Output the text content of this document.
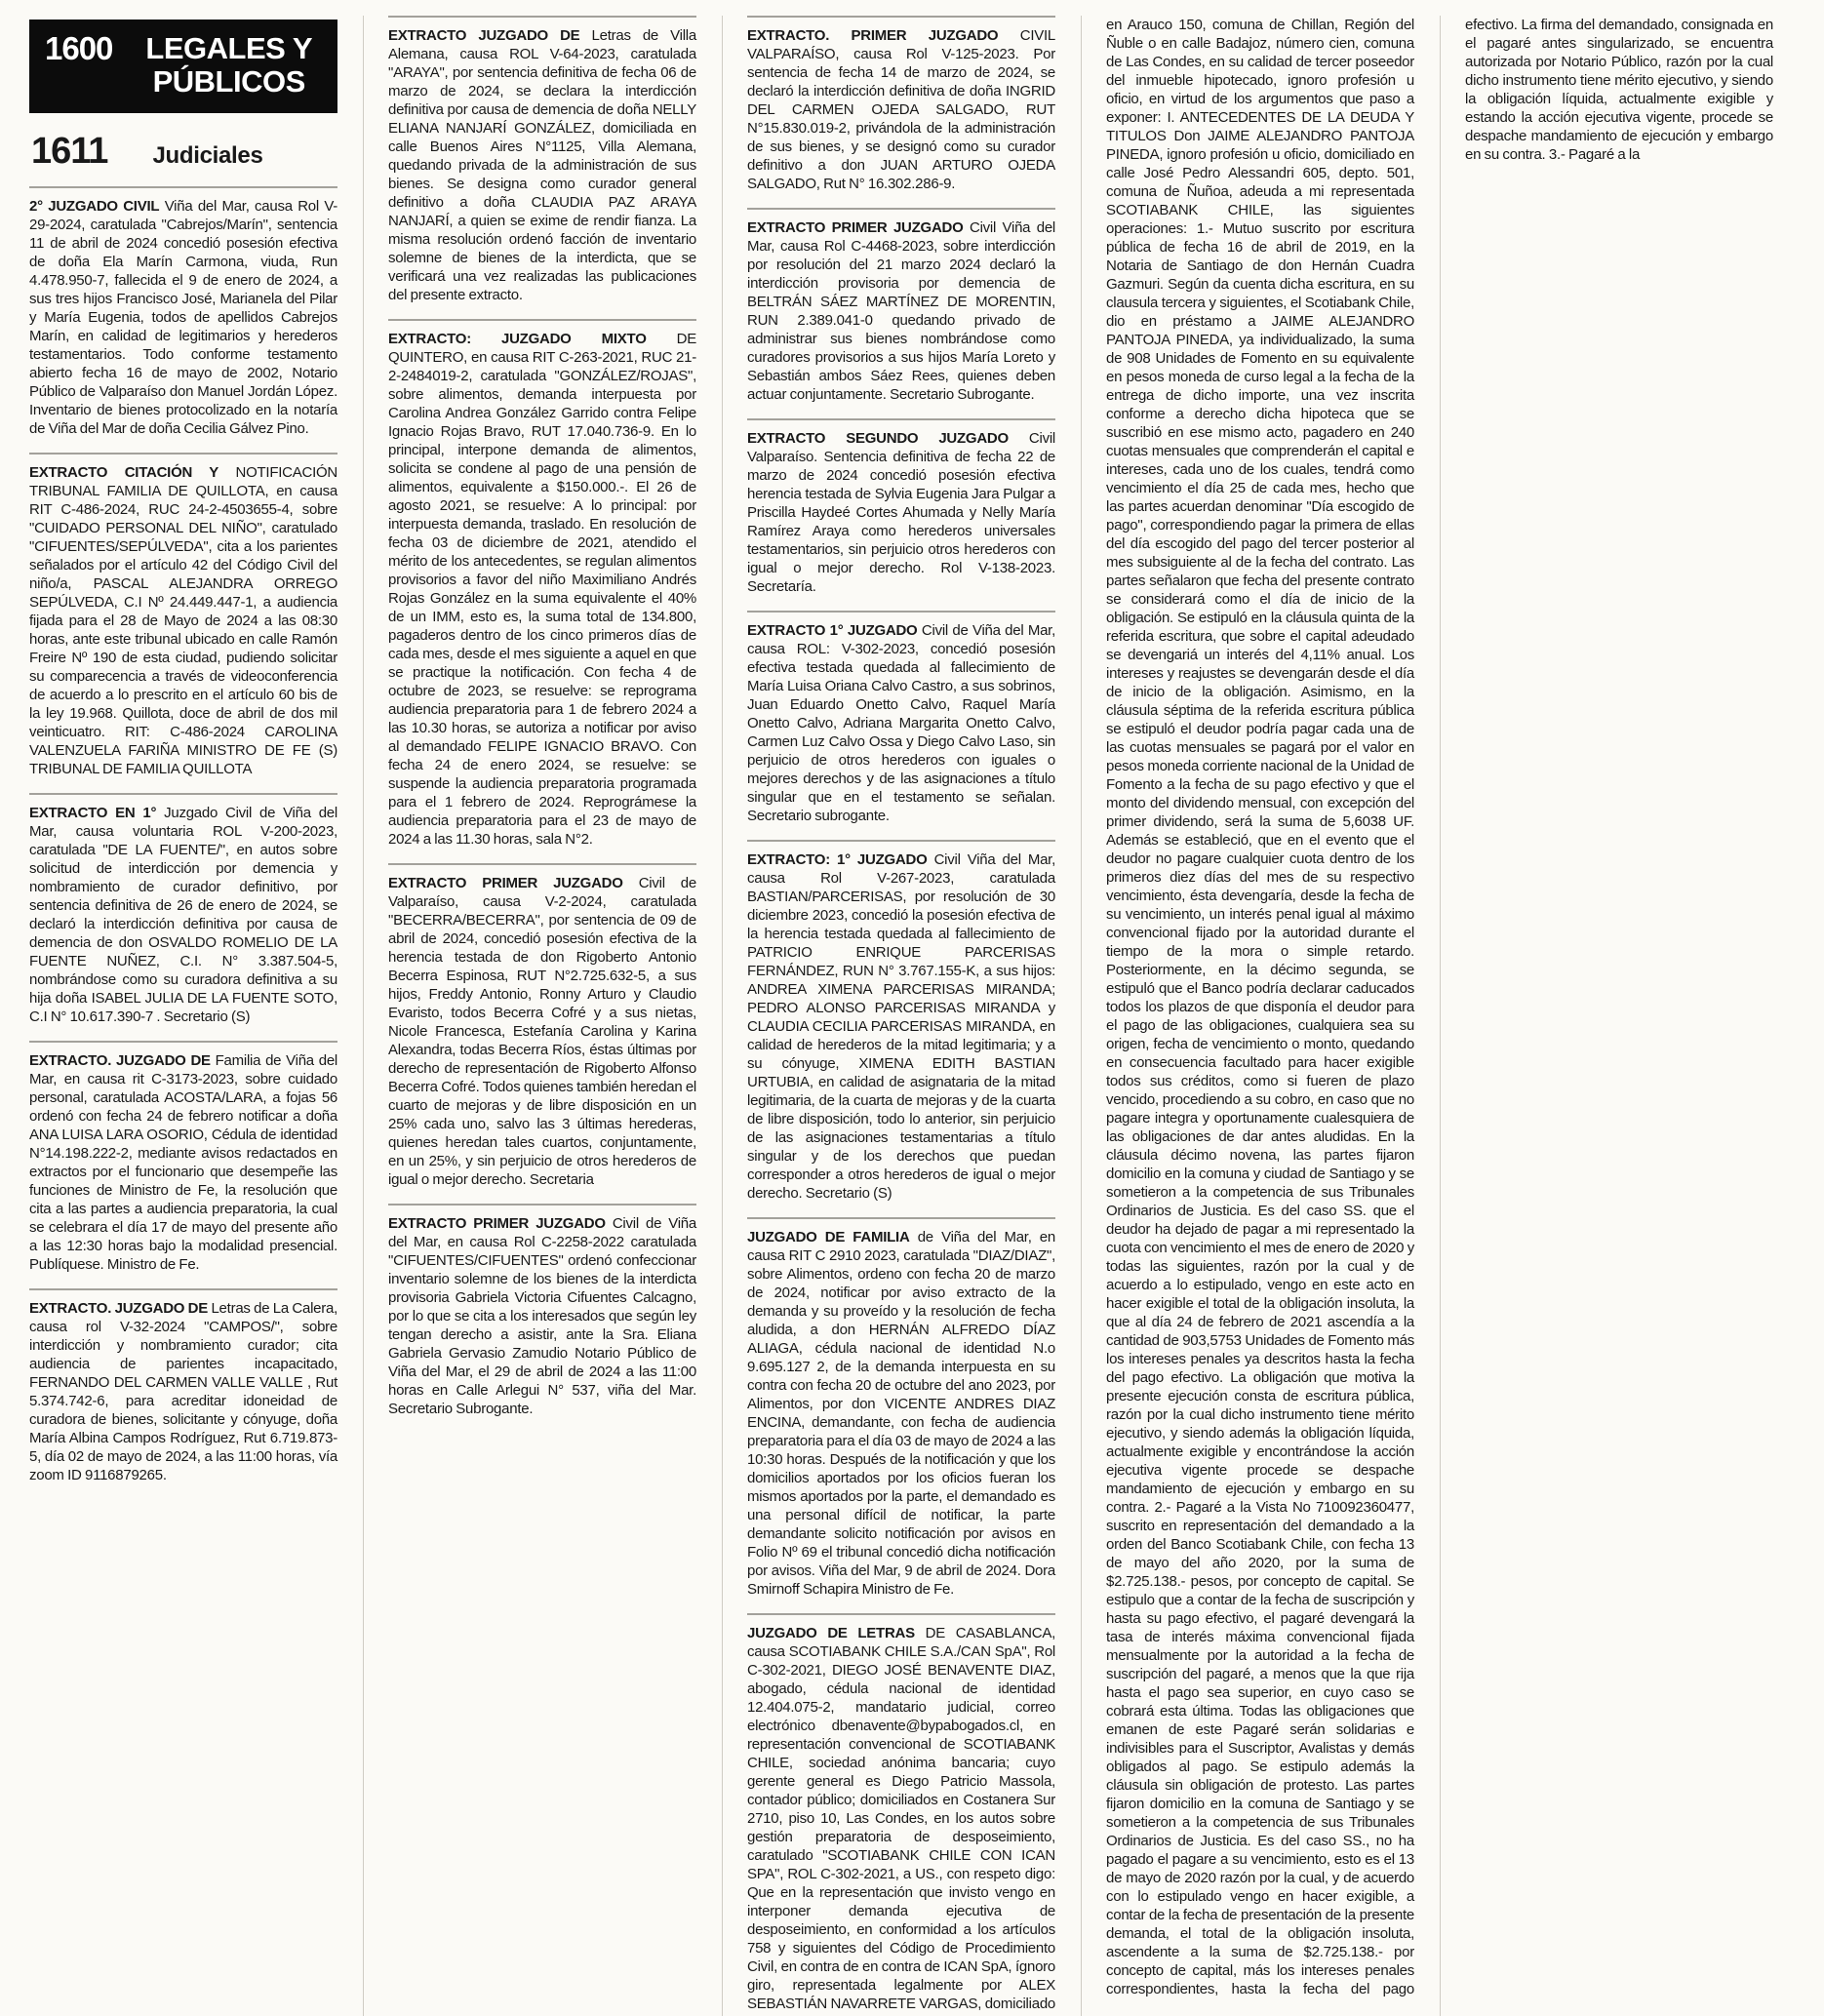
1600	LEGALES Y PÚBLICOS
1611 Judiciales
2° JUZGADO CIVIL Viña del Mar, causa Rol V-29-2024, caratulada "Cabrejos/Marín", sentencia 11 de abril de 2024 concedió posesión efectiva de doña Ela Marín Carmona, viuda, Run 4.478.950-7, fallecida el 9 de enero de 2024, a sus tres hijos Francisco José, Marianela del Pilar y María Eugenia, todos de apellidos Cabrejos Marín, en calidad de legitimarios y herederos testamentarios. Todo conforme testamento abierto fecha 16 de mayo de 2002, Notario Público de Valparaíso don Manuel Jordán López. Inventario de bienes protocolizado en la notaría de Viña del Mar de doña Cecilia Gálvez Pino.
EXTRACTO CITACIÓN Y NOTIFICACIÓN TRIBUNAL FAMILIA DE QUILLOTA, en causa RIT C-486-2024, RUC 24-2-4503655-4, sobre "CUIDADO PERSONAL DEL NIÑO", caratulado "CIFUENTES/SEPÚLVEDA", cita a los parientes señalados por el artículo 42 del Código Civil del niño/a, PASCAL ALEJANDRA ORREGO SEPÚLVEDA, C.I Nº 24.449.447-1, a audiencia fijada para el 28 de Mayo de 2024 a las 08:30 horas, ante este tribunal ubicado en calle Ramón Freire Nº 190 de esta ciudad, pudiendo solicitar su comparecencia a través de videoconferencia de acuerdo a lo prescrito en el artículo 60 bis de la ley 19.968. Quillota, doce de abril de dos mil veinticuatro. RIT: C-486-2024 CAROLINA VALENZUELA FARIÑA MINISTRO DE FE (S) TRIBUNAL DE FAMILIA QUILLOTA
EXTRACTO EN 1° Juzgado Civil de Viña del Mar, causa voluntaria ROL V-200-2023, caratulada "DE LA FUENTE/", en autos sobre solicitud de interdicción por demencia y nombramiento de curador definitivo, por sentencia definitiva de 26 de enero de 2024, se declaró la interdicción definitiva por causa de demencia de don OSVALDO ROMELIO DE LA FUENTE NUÑEZ, C.I. N° 3.387.504-5, nombrándose como su curadora definitiva a su hija doña ISABEL JULIA DE LA FUENTE SOTO, C.I N° 10.617.390-7 . Secretario (S)
EXTRACTO. JUZGADO DE Familia de Viña del Mar, en causa rit C-3173-2023, sobre cuidado personal, caratulada ACOSTA/LARA, a fojas 56 ordenó con fecha 24 de febrero notificar a doña ANA LUISA LARA OSORIO, Cédula de identidad N°14.198.222-2, mediante avisos redactados en extractos por el funcionario que desempeñe las funciones de Ministro de Fe, la resolución que cita a las partes a audiencia preparatoria, la cual se celebrara el día 17 de mayo del presente año a las 12:30 horas bajo la modalidad presencial. Publíquese. Ministro de Fe.
EXTRACTO. JUZGADO DE Letras de La Calera, causa rol V-32-2024 "CAMPOS/", sobre interdicción y nombramiento curador; cita audiencia de parientes incapacitado, FERNANDO DEL CARMEN VALLE VALLE , Rut 5.374.742-6, para acreditar idoneidad de curadora de bienes, solicitante y cónyuge, doña María Albina Campos Rodríguez, Rut 6.719.873-5, día 02 de mayo de 2024, a las 11:00 horas, vía zoom ID 9116879265.
EXTRACTO JUZGADO DE Letras de Villa Alemana, causa ROL V-64-2023, caratulada "ARAYA", por sentencia definitiva de fecha 06 de marzo de 2024, se declara la interdicción definitiva por causa de demencia de doña NELLY ELIANA NANJARÍ GONZÁLEZ, domiciliada en calle Buenos Aires N°1125, Villa Alemana, quedando privada de la administración de sus bienes. Se designa como curador general definitivo a doña CLAUDIA PAZ ARAYA NANJARÍ, a quien se exime de rendir fianza. La misma resolución ordenó facción de inventario solemne de bienes de la interdicta, que se verificará una vez realizadas las publicaciones del presente extracto.
EXTRACTO: JUZGADO MIXTO DE QUINTERO, en causa RIT C-263-2021, RUC 21-2-2484019-2, caratulada "GONZÁLEZ/ROJAS", sobre alimentos, demanda interpuesta por Carolina Andrea González Garrido contra Felipe Ignacio Rojas Bravo, RUT 17.040.736-9. En lo principal, interpone demanda de alimentos, solicita se condene al pago de una pensión de alimentos, equivalente a $150.000.-. El 26 de agosto 2021, se resuelve: A lo principal: por interpuesta demanda, traslado. En resolución de fecha 03 de diciembre de 2021, atendido el mérito de los antecedentes, se regulan alimentos provisorios a favor del niño Maximiliano Andrés Rojas González en la suma equivalente el 40% de un IMM, esto es, la suma total de 134.800, pagaderos dentro de los cinco primeros días de cada mes, desde el mes siguiente a aquel en que se practique la notificación. Con fecha 4 de octubre de 2023, se resuelve: se reprograma audiencia preparatoria para 1 de febrero 2024 a las 10.30 horas, se autoriza a notificar por aviso al demandado FELIPE IGNACIO BRAVO. Con fecha 24 de enero 2024, se resuelve: se suspende la audiencia preparatoria programada para el 1 febrero de 2024. Reprográmese la audiencia preparatoria para el 23 de mayo de 2024 a las 11.30 horas, sala N°2.
EXTRACTO PRIMER JUZGADO Civil de Valparaíso, causa V-2-2024, caratulada "BECERRA/BECERRA", por sentencia de 09 de abril de 2024, concedió posesión efectiva de la herencia testada de don Rigoberto Antonio Becerra Espinosa, RUT N°2.725.632-5, a sus hijos, Freddy Antonio, Ronny Arturo y Claudio Evaristo, todos Becerra Cofré y a sus nietas, Nicole Francesca, Estefanía Carolina y Karina Alexandra, todas Becerra Ríos, éstas últimas por derecho de representación de Rigoberto Alfonso Becerra Cofré. Todos quienes también heredan el cuarto de mejoras y de libre disposición en un 25% cada uno, salvo las 3 últimas herederas, quienes heredan tales cuartos, conjuntamente, en un 25%, y sin perjuicio de otros herederos de igual o mejor derecho. Secretaria
EXTRACTO PRIMER JUZGADO Civil de Viña del Mar, en causa Rol C-2258-2022 caratulada "CIFUENTES/CIFUENTES" ordenó confeccionar inventario solemne de los bienes de la interdicta provisoria Gabriela Victoria Cifuentes Calcagno, por lo que se cita a los interesados que según ley tengan derecho a asistir, ante la Sra. Eliana Gabriela Gervasio Zamudio Notario Público de Viña del Mar, el 29 de abril de 2024 a las 11:00 horas en Calle Arlegui N° 537, viña del Mar. Secretario Subrogante.
EXTRACTO. PRIMER JUZGADO CIVIL VALPARAÍSO, causa Rol V-125-2023. Por sentencia de fecha 14 de marzo de 2024, se declaró la interdicción definitiva de doña INGRID DEL CARMEN OJEDA SALGADO, RUT N°15.830.019-2, privándola de la administración de sus bienes, y se designó como su curador definitivo a don JUAN ARTURO OJEDA SALGADO, Rut N° 16.302.286-9.
EXTRACTO PRIMER JUZGADO Civil Viña del Mar, causa Rol C-4468-2023, sobre interdicción por resolución del 21 marzo 2024 declaró la interdicción provisoria por demencia de BELTRÁN SÁEZ MARTÍNEZ DE MORENTIN, RUN 2.389.041-0 quedando privado de administrar sus bienes nombrándose como curadores provisorios a sus hijos María Loreto y Sebastián ambos Sáez Rees, quienes deben actuar conjuntamente. Secretario Subrogante.
EXTRACTO SEGUNDO JUZGADO Civil Valparaíso. Sentencia definitiva de fecha 22 de marzo de 2024 concedió posesión efectiva herencia testada de Sylvia Eugenia Jara Pulgar a Priscilla Haydeé Cortes Ahumada y Nelly María Ramírez Araya como herederos universales testamentarios, sin perjuicio otros herederos con igual o mejor derecho. Rol V-138-2023. Secretaría.
EXTRACTO 1° JUZGADO Civil de Viña del Mar, causa ROL: V-302-2023, concedió posesión efectiva testada quedada al fallecimiento de María Luisa Oriana Calvo Castro, a sus sobrinos, Juan Eduardo Onetto Calvo, Raquel María Onetto Calvo, Adriana Margarita Onetto Calvo, Carmen Luz Calvo Ossa y Diego Calvo Laso, sin perjuicio de otros herederos con iguales o mejores derechos y de las asignaciones a título singular que en el testamento se señalan. Secretario subrogante.
EXTRACTO: 1° JUZGADO Civil Viña del Mar, causa Rol V-267-2023, caratulada BASTIAN/PARCERISAS, por resolución de 30 diciembre 2023, concedió la posesión efectiva de la herencia testada quedada al fallecimiento de PATRICIO ENRIQUE PARCERISAS FERNÁNDEZ, RUN N° 3.767.155-K, a sus hijos: ANDREA XIMENA PARCERISAS MIRANDA; PEDRO ALONSO PARCERISAS MIRANDA y CLAUDIA CECILIA PARCERISAS MIRANDA, en calidad de herederos de la mitad legitimaria; y a su cónyuge, XIMENA EDITH BASTIAN URTUBIA, en calidad de asignataria de la mitad legitimaria, de la cuarta de mejoras y de la cuarta de libre disposición, todo lo anterior, sin perjuicio de las asignaciones testamentarias a título singular y de los derechos que puedan corresponder a otros herederos de igual o mejor derecho. Secretario (S)
JUZGADO DE FAMILIA de Viña del Mar, en causa RIT C 2910 2023, caratulada "DIAZ/DIAZ", sobre Alimentos, ordeno con fecha 20 de marzo de 2024, notificar por aviso extracto de la demanda y su proveído y la resolución de fecha aludida, a don HERNÁN ALFREDO DÍAZ ALIAGA, cédula nacional de identidad N.o 9.695.127 2, de la demanda interpuesta en su contra con fecha 20 de octubre del ano 2023, por Alimentos, por don VICENTE ANDRES DIAZ ENCINA, demandante, con fecha de audiencia preparatoria para el día 03 de mayo de 2024 a las 10:30 horas. Después de la notificación y que los domicilios aportados por los oficios fueran los mismos aportados por la parte, el demandado es una personal difícil de notificar, la parte demandante solicito notificación por avisos en Folio Nº 69 el tribunal concedió dicha notificación por avisos. Viña del Mar, 9 de abril de 2024. Dora Smirnoff Schapira Ministro de Fe.
JUZGADO DE LETRAS DE CASABLANCA, causa SCOTIABANK CHILE S.A./CAN SpA", Rol C-302-2021, DIEGO JOSÉ BENAVENTE DIAZ, abogado, cédula nacional de identidad 12.404.075-2, mandatario judicial, correo electrónico dbenavente@bypabogados.cl, en representación convencional de SCOTIABANK CHILE, sociedad anónima bancaria; cuyo gerente general es Diego Patricio Massola, contador público; domiciliados en Costanera Sur 2710, piso 10, Las Condes, en los autos sobre gestión preparatoria de desposeimiento, caratulado "SCOTIABANK CHILE CON ICAN SPA", ROL C-302-2021, a US., con respeto digo: Que en la representación que invisto vengo en interponer demanda ejecutiva de desposeimiento, en conformidad a los artículos 758 y siguientes del Código de Procedimiento Civil, en contra de en contra de ICAN SpA, ígnoro giro, representada legalmente por ALEX SEBASTIÁN NAVARRETE VARGAS, domiciliado en Arauco 150, comuna de Chillan, Región del Ñuble o en calle Badajoz, número cien, comuna de Las Condes, en su calidad de tercer poseedor del inmueble hipotecado, ignoro profesión u oficio, en virtud de los argumentos que paso a exponer: I. ANTECEDENTES DE LA DEUDA Y TITULOS Don JAIME ALEJANDRO PANTOJA PINEDA, ignoro profesión u oficio, domiciliado en calle José Pedro Alessandri 605, depto. 501, comuna de Ñuñoa, adeuda a mi representada SCOTIABANK CHILE, las siguientes operaciones: 1.- Mutuo suscrito por escritura pública de fecha 16 de abril de 2019, en la Notaria de Santiago de don Hernán Cuadra Gazmuri. Según da cuenta dicha escritura, en su clausula tercera y siguientes, el Scotiabank Chile, dio en préstamo a JAIME ALEJANDRO PANTOJA PINEDA, ya individualizado, la suma de 908 Unidades de Fomento en su equivalente en pesos moneda de curso legal a la fecha de la entrega de dicho importe, una vez inscrita conforme a derecho dicha hipoteca que se suscribió en ese mismo acto, pagadero en 240 cuotas mensuales que comprenderán el capital e intereses, cada uno de los cuales, tendrá como vencimiento el día 25 de cada mes, hecho que las partes acuerdan denominar "Día escogido de pago", correspondiendo pagar la primera de ellas del día escogido del pago del tercer posterior al mes subsiguiente al de la fecha del contrato. Las partes señalaron que fecha del presente contrato se considerará como el día de inicio de la obligación. Se estipuló en la cláusula quinta de la referida escritura, que sobre el capital adeudado se devengariá un interés del 4,11% anual. Los intereses y reajustes se devengarán desde el día de inicio de la obligación. Asimismo, en la cláusula séptima de la referida escritura pública se estipuló el deudor podría pagar cada una de las cuotas mensuales se pagará por el valor en pesos moneda corriente nacional de la Unidad de Fomento a la fecha de su pago efectivo y que el monto del dividendo mensual, con excepción del primer dividendo, será la suma de 5,6038 UF. Además se estableció, que en el evento que el deudor no pagare cualquier cuota dentro de los primeros diez días del mes de su respectivo vencimiento, ésta devengaría, desde la fecha de su vencimiento, un interés penal igual al máximo convencional fijado por la autoridad durante el tiempo de la mora o simple retardo. Posteriormente, en la décimo segunda, se estipuló que el Banco podría declarar caducados todos los plazos de que disponía el deudor para el pago de las obligaciones, cualquiera sea su origen, fecha de vencimiento o monto, quedando en consecuencia facultado para hacer exigible todos sus créditos, como si fueren de plazo vencido, procediendo a su cobro, en caso que no pagare integra y oportunamente cualesquiera de las obligaciones de dar antes aludidas. En la cláusula décimo novena, las partes fijaron domicilio en la comuna y ciudad de Santiago y se sometieron a la competencia de sus Tribunales Ordinarios de Justicia. Es del caso SS. que el deudor ha dejado de pagar a mi representado la cuota con vencimiento el mes de enero de 2020 y todas las siguientes, razón por la cual y de acuerdo a lo estipulado, vengo en este acto en hacer exigible el total de la obligación insoluta, la que al día 24 de febrero de 2021 ascendía a la cantidad de 903,5753 Unidades de Fomento más los intereses penales ya descritos hasta la fecha del pago efectivo. La obligación que motiva la presente ejecución consta de escritura pública, razón por la cual dicho instrumento tiene mérito ejecutivo, y siendo además la obligación líquida, actualmente exigible y encontrándose la acción ejecutiva vigente procede se despache mandamiento de ejecución y embargo en su contra. 2.- Pagaré a la Vista No 710092360477, suscrito en representación del demandado a la orden del Banco Scotiabank Chile, con fecha 13 de mayo del año 2020, por la suma de $2.725.138.- pesos, por concepto de capital. Se estipulo que a contar de la fecha de suscripción y hasta su pago efectivo, el pagaré devengará la tasa de interés máxima convencional fijada mensualmente por la autoridad a la fecha de suscripción del pagaré, a menos que la que rija hasta el pago sea superior, en cuyo caso se cobrará esta última. Todas las obligaciones que emanen de este Pagaré serán solidarias e indivisibles para el Suscriptor, Avalistas y demás obligados al pago. Se estipulo además la cláusula sin obligación de protesto. Las partes fijaron domicilio en la comuna de Santiago y se sometieron a la competencia de sus Tribunales Ordinarios de Justicia. Es del caso SS., no ha pagado el pagare a su vencimiento, esto es el 13 de mayo de 2020 razón por la cual, y de acuerdo con lo estipulado vengo en hacer exigible, a contar de la fecha de presentación de la presente demanda, el total de la obligación insoluta, ascendente a la suma de $2.725.138.- por concepto de capital, más los intereses penales correspondientes, hasta la fecha del pago efectivo. La firma del demandado, consignada en el pagaré antes singularizado, se encuentra autorizada por Notario Público, razón por la cual dicho instrumento tiene mérito ejecutivo, y siendo la obligación líquida, actualmente exigible y estando la acción ejecutiva vigente, procede se despache mandamiento de ejecución y embargo en su contra. 3.- Pagaré a la
